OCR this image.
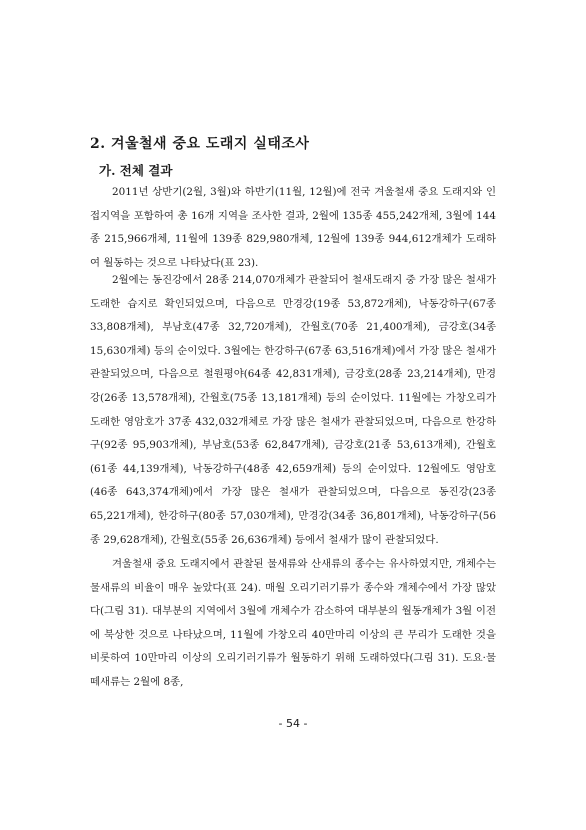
2. 겨울철새 중요 도래지 실태조사
가. 전체 결과

2011년 상반기(2월, 3월)와 하반기(11월, 12월)에 전국 겨울철새 중요 도래지와 인접지역을 포함하여 총 16개 지역을 조사한 결과, 2월에 135종 455,242개체, 3월에 144종 215,966개체, 11월에 139종 829,980개체, 12월에 139종 944,612개체가 도래하여 월동하는 것으로 나타났다(표 23).

2월에는 동진강에서 28종 214,070개체가 관찰되어 철새도래지 중 가장 많은 철새가 도래한 습지로 확인되었으며, 다음으로 만경강(19종 53,872개체), 낙동강하구(67종 33,808개체), 부남호(47종 32,720개체), 간월호(70종 21,400개체), 금강호(34종 15,630개체) 등의 순이었다. 3월에는 한강하구(67종 63,516개체)에서 가장 많은 철새가 관찰되었으며, 다음으로 철원평야(64종 42,831개체), 금강호(28종 23,214개체), 만경강(26종 13,578개체), 간월호(75종 13,181개체) 등의 순이었다. 11월에는 가창오리가 도래한 영암호가 37종 432,032개체로 가장 많은 철새가 관찰되었으며, 다음으로 한강하구(92종 95,903개체), 부남호(53종 62,847개체), 금강호(21종 53,613개체), 간월호(61종 44,139개체), 낙동강하구(48종 42,659개체) 등의 순이었다. 12월에도 영암호(46종 643,374개체)에서 가장 많은 철새가 관찰되었으며, 다음으로 동진강(23종 65,221개체), 한강하구(80종 57,030개체), 만경강(34종 36,801개체), 낙동강하구(56종 29,628개체), 간월호(55종 26,636개체) 등에서 철새가 많이 관찰되었다.

겨울철새 중요 도래지에서 관찰된 물새류와 산새류의 종수는 유사하였지만, 개체수는 물새류의 비율이 매우 높았다(표 24). 매월 오리기러기류가 종수와 개체수에서 가장 많았다(그림 31). 대부분의 지역에서 3월에 개체수가 감소하여 대부분의 월동개체가 3월 이전에 북상한 것으로 나타났으며, 11월에 가창오리 40만마리 이상의 큰 무리가 도래한 것을 비롯하여 10만마리 이상의 오리기러기류가 월동하기 위해 도래하였다(그림 31). 도요·물떼새류는 2월에 8종,

- 54 -
